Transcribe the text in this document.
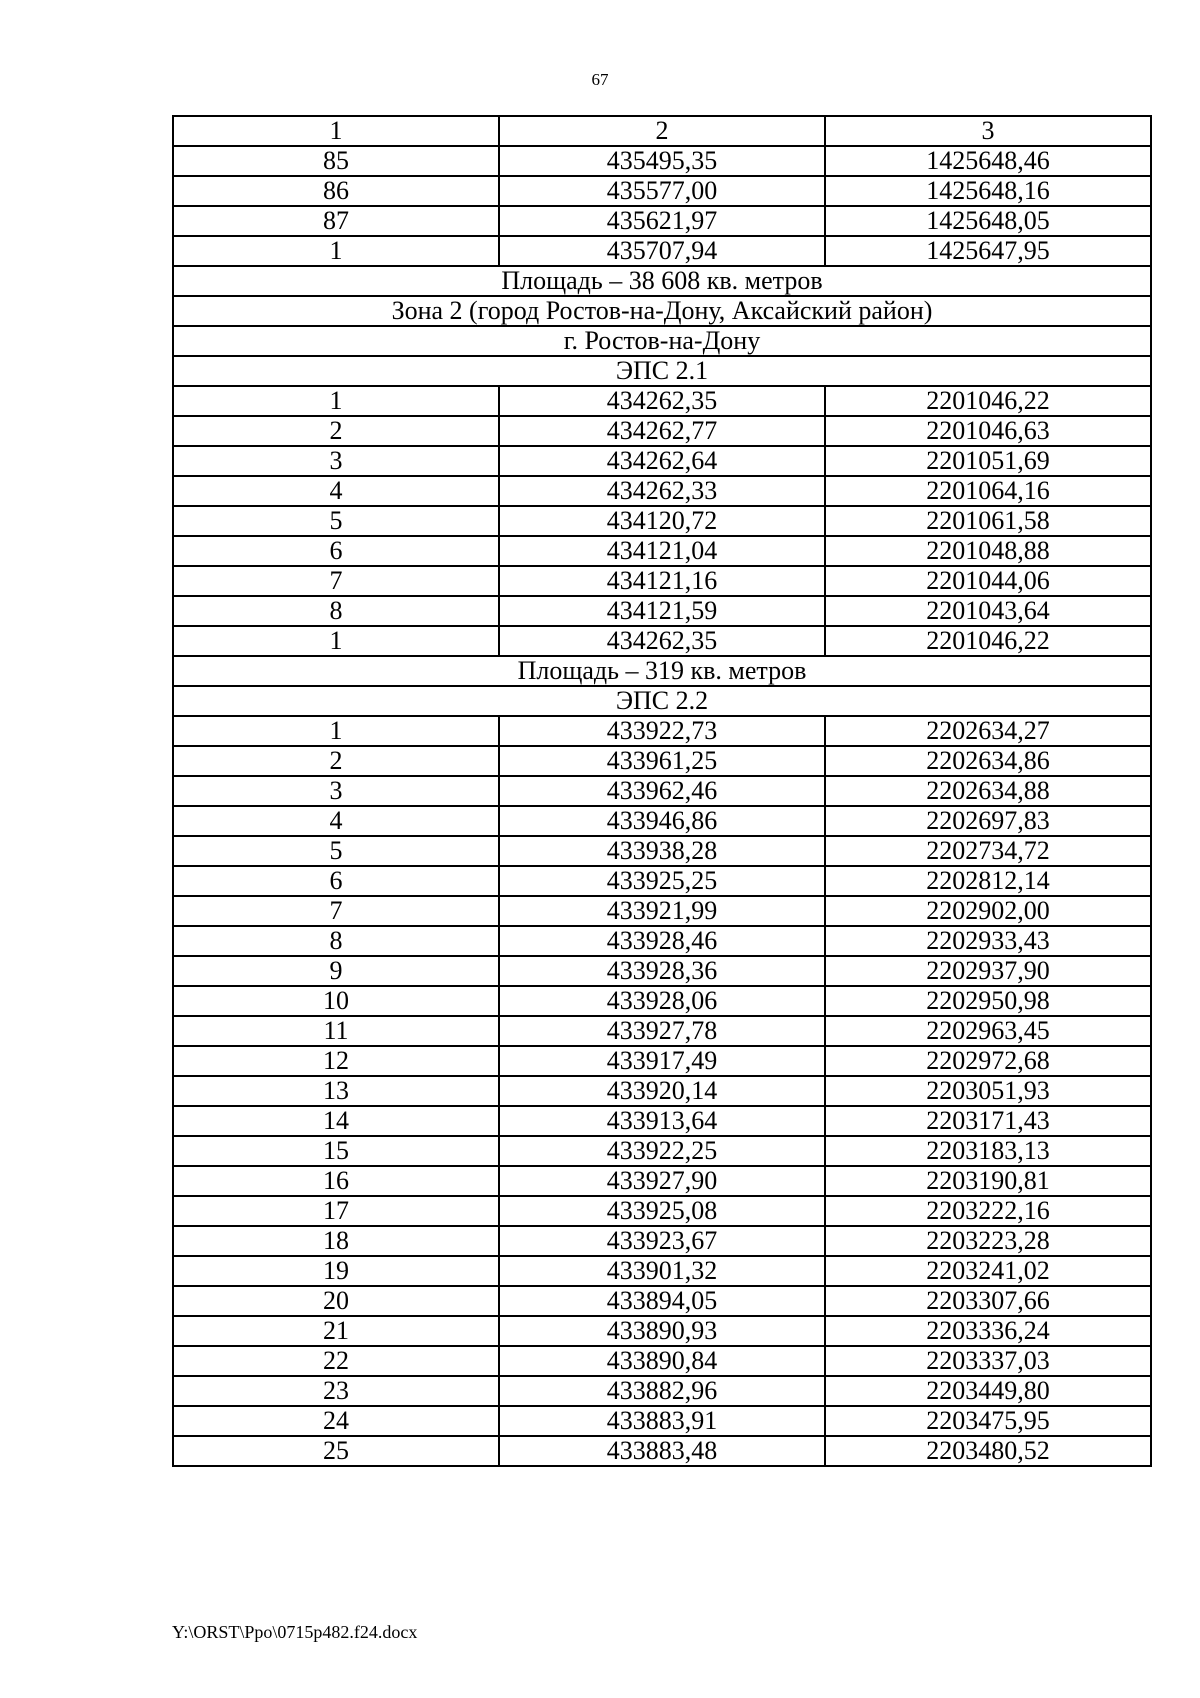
67
1	2	3
85	435495,35	1425648,46
86	435577,00	1425648,16
87	435621,97	1425648,05
1	435707,94	1425647,95
Площадь – 38 608 кв. метров		
Зона 2 (город Ростов-на-Дону, Аксайский район)		
г. Ростов-на-Дону		
ЭПС 2.1		
1	434262,35	2201046,22
2	434262,77	2201046,63
3	434262,64	2201051,69
4	434262,33	2201064,16
5	434120,72	2201061,58
6	434121,04	2201048,88
7	434121,16	2201044,06
8	434121,59	2201043,64
1	434262,35	2201046,22
Площадь – 319 кв. метров		
ЭПС 2.2		
1	433922,73	2202634,27
2	433961,25	2202634,86
3	433962,46	2202634,88
4	433946,86	2202697,83
5	433938,28	2202734,72
6	433925,25	2202812,14
7	433921,99	2202902,00
8	433928,46	2202933,43
9	433928,36	2202937,90
10	433928,06	2202950,98
11	433927,78	2202963,45
12	433917,49	2202972,68
13	433920,14	2203051,93
14	433913,64	2203171,43
15	433922,25	2203183,13
16	433927,90	2203190,81
17	433925,08	2203222,16
18	433923,67	2203223,28
19	433901,32	2203241,02
20	433894,05	2203307,66
21	433890,93	2203336,24
22	433890,84	2203337,03
23	433882,96	2203449,80
24	433883,91	2203475,95
25	433883,48	2203480,52
Y:\ORST\Ppo\0715p482.f24.docx
